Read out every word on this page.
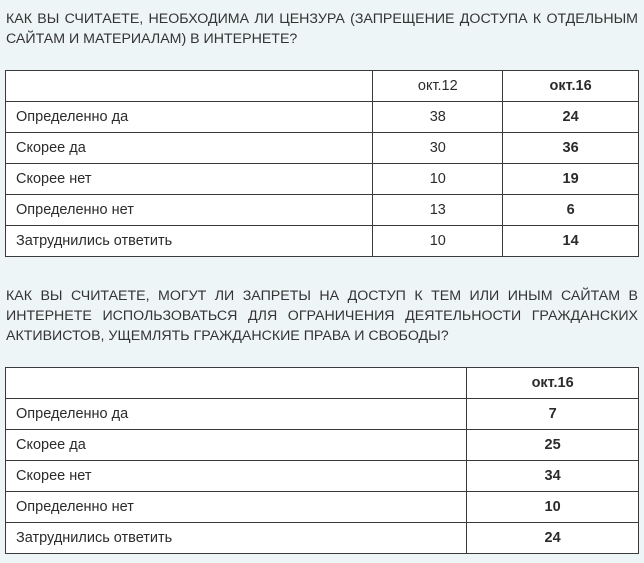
КАК ВЫ СЧИТАЕТЕ, НЕОБХОДИМА ЛИ ЦЕНЗУРА (ЗАПРЕЩЕНИЕ ДОСТУПА К ОТДЕЛЬНЫМ САЙТАМ И МАТЕРИАЛАМ) В ИНТЕРНЕТЕ?
	окт.12	окт.16
Определенно да	38	24
Скорее да	30	36
Скорее нет	10	19
Определенно нет	13	6
Затруднились ответить	10	14
КАК ВЫ СЧИТАЕТЕ, МОГУТ ЛИ ЗАПРЕТЫ НА ДОСТУП К ТЕМ ИЛИ ИНЫМ САЙТАМ В ИНТЕРНЕТЕ ИСПОЛЬЗОВАТЬСЯ ДЛЯ ОГРАНИЧЕНИЯ ДЕЯТЕЛЬНОСТИ ГРАЖДАНСКИХ АКТИВИСТОВ, УЩЕМЛЯТЬ ГРАЖДАНСКИЕ ПРАВА И СВОБОДЫ?
	окт.16
Определенно да	7
Скорее да	25
Скорее нет	34
Определенно нет	10
Затруднились ответить	24
